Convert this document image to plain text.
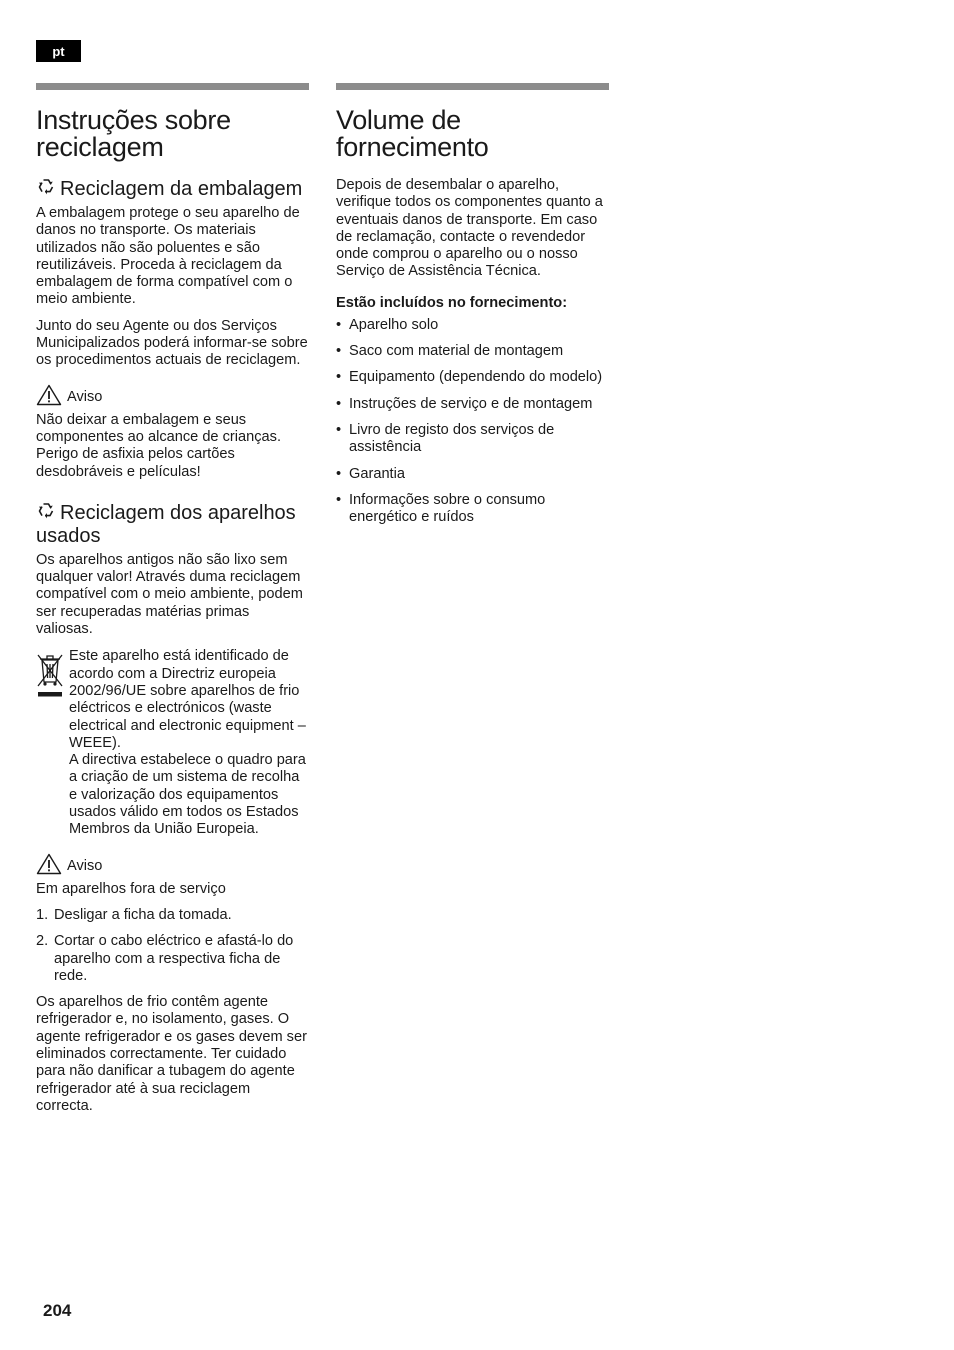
pt
Instruções sobre reciclagem
Reciclagem da embalagem

A embalagem protege o seu aparelho de danos no transporte. Os materiais utilizados não são poluentes e são reutilizáveis. Proceda à reciclagem da embalagem de forma compatível com o meio ambiente.

Junto do seu Agente ou dos Serviços Municipalizados poderá informar-se sobre os procedimentos actuais de reciclagem.

Aviso

Não deixar a embalagem e seus componentes ao alcance de crianças. Perigo de asfixia pelos cartões desdobráveis e películas!

Reciclagem dos aparelhos usados

Os aparelhos antigos não são lixo sem qualquer valor! Através duma reciclagem compatível com o meio ambiente, podem ser recuperadas matérias primas valiosas.

Este aparelho está identificado de acordo com a Directriz europeia 2002/96/UE sobre aparelhos de frio eléctricos e electrónicos (waste electrical and electronic equipment – WEEE).

A directiva estabelece o quadro para a criação de um sistema de recolha e valorização dos equipamentos usados válido em todos os Estados Membros da União Europeia.

Aviso

Em aparelhos fora de serviço

1. Desligar a ficha da tomada.
2. Cortar o cabo eléctrico e afastá-lo do aparelho com a respectiva ficha de rede.

Os aparelhos de frio contêm agente refrigerador e, no isolamento, gases. O agente refrigerador e os gases devem ser eliminados correctamente. Ter cuidado para não danificar a tubagem do agente refrigerador até à sua reciclagem correcta.

Volume de fornecimento

Depois de desembalar o aparelho, verifique todos os componentes quanto a eventuais danos de transporte. Em caso de reclamação, contacte o revendedor onde comprou o aparelho ou o nosso Serviço de Assistência Técnica.

Estão incluídos no fornecimento:
• Aparelho solo
• Saco com material de montagem
• Equipamento (dependendo do modelo)
• Instruções de serviço e de montagem
• Livro de registo dos serviços de assistência
• Garantia
• Informações sobre o consumo energético e ruídos
204
